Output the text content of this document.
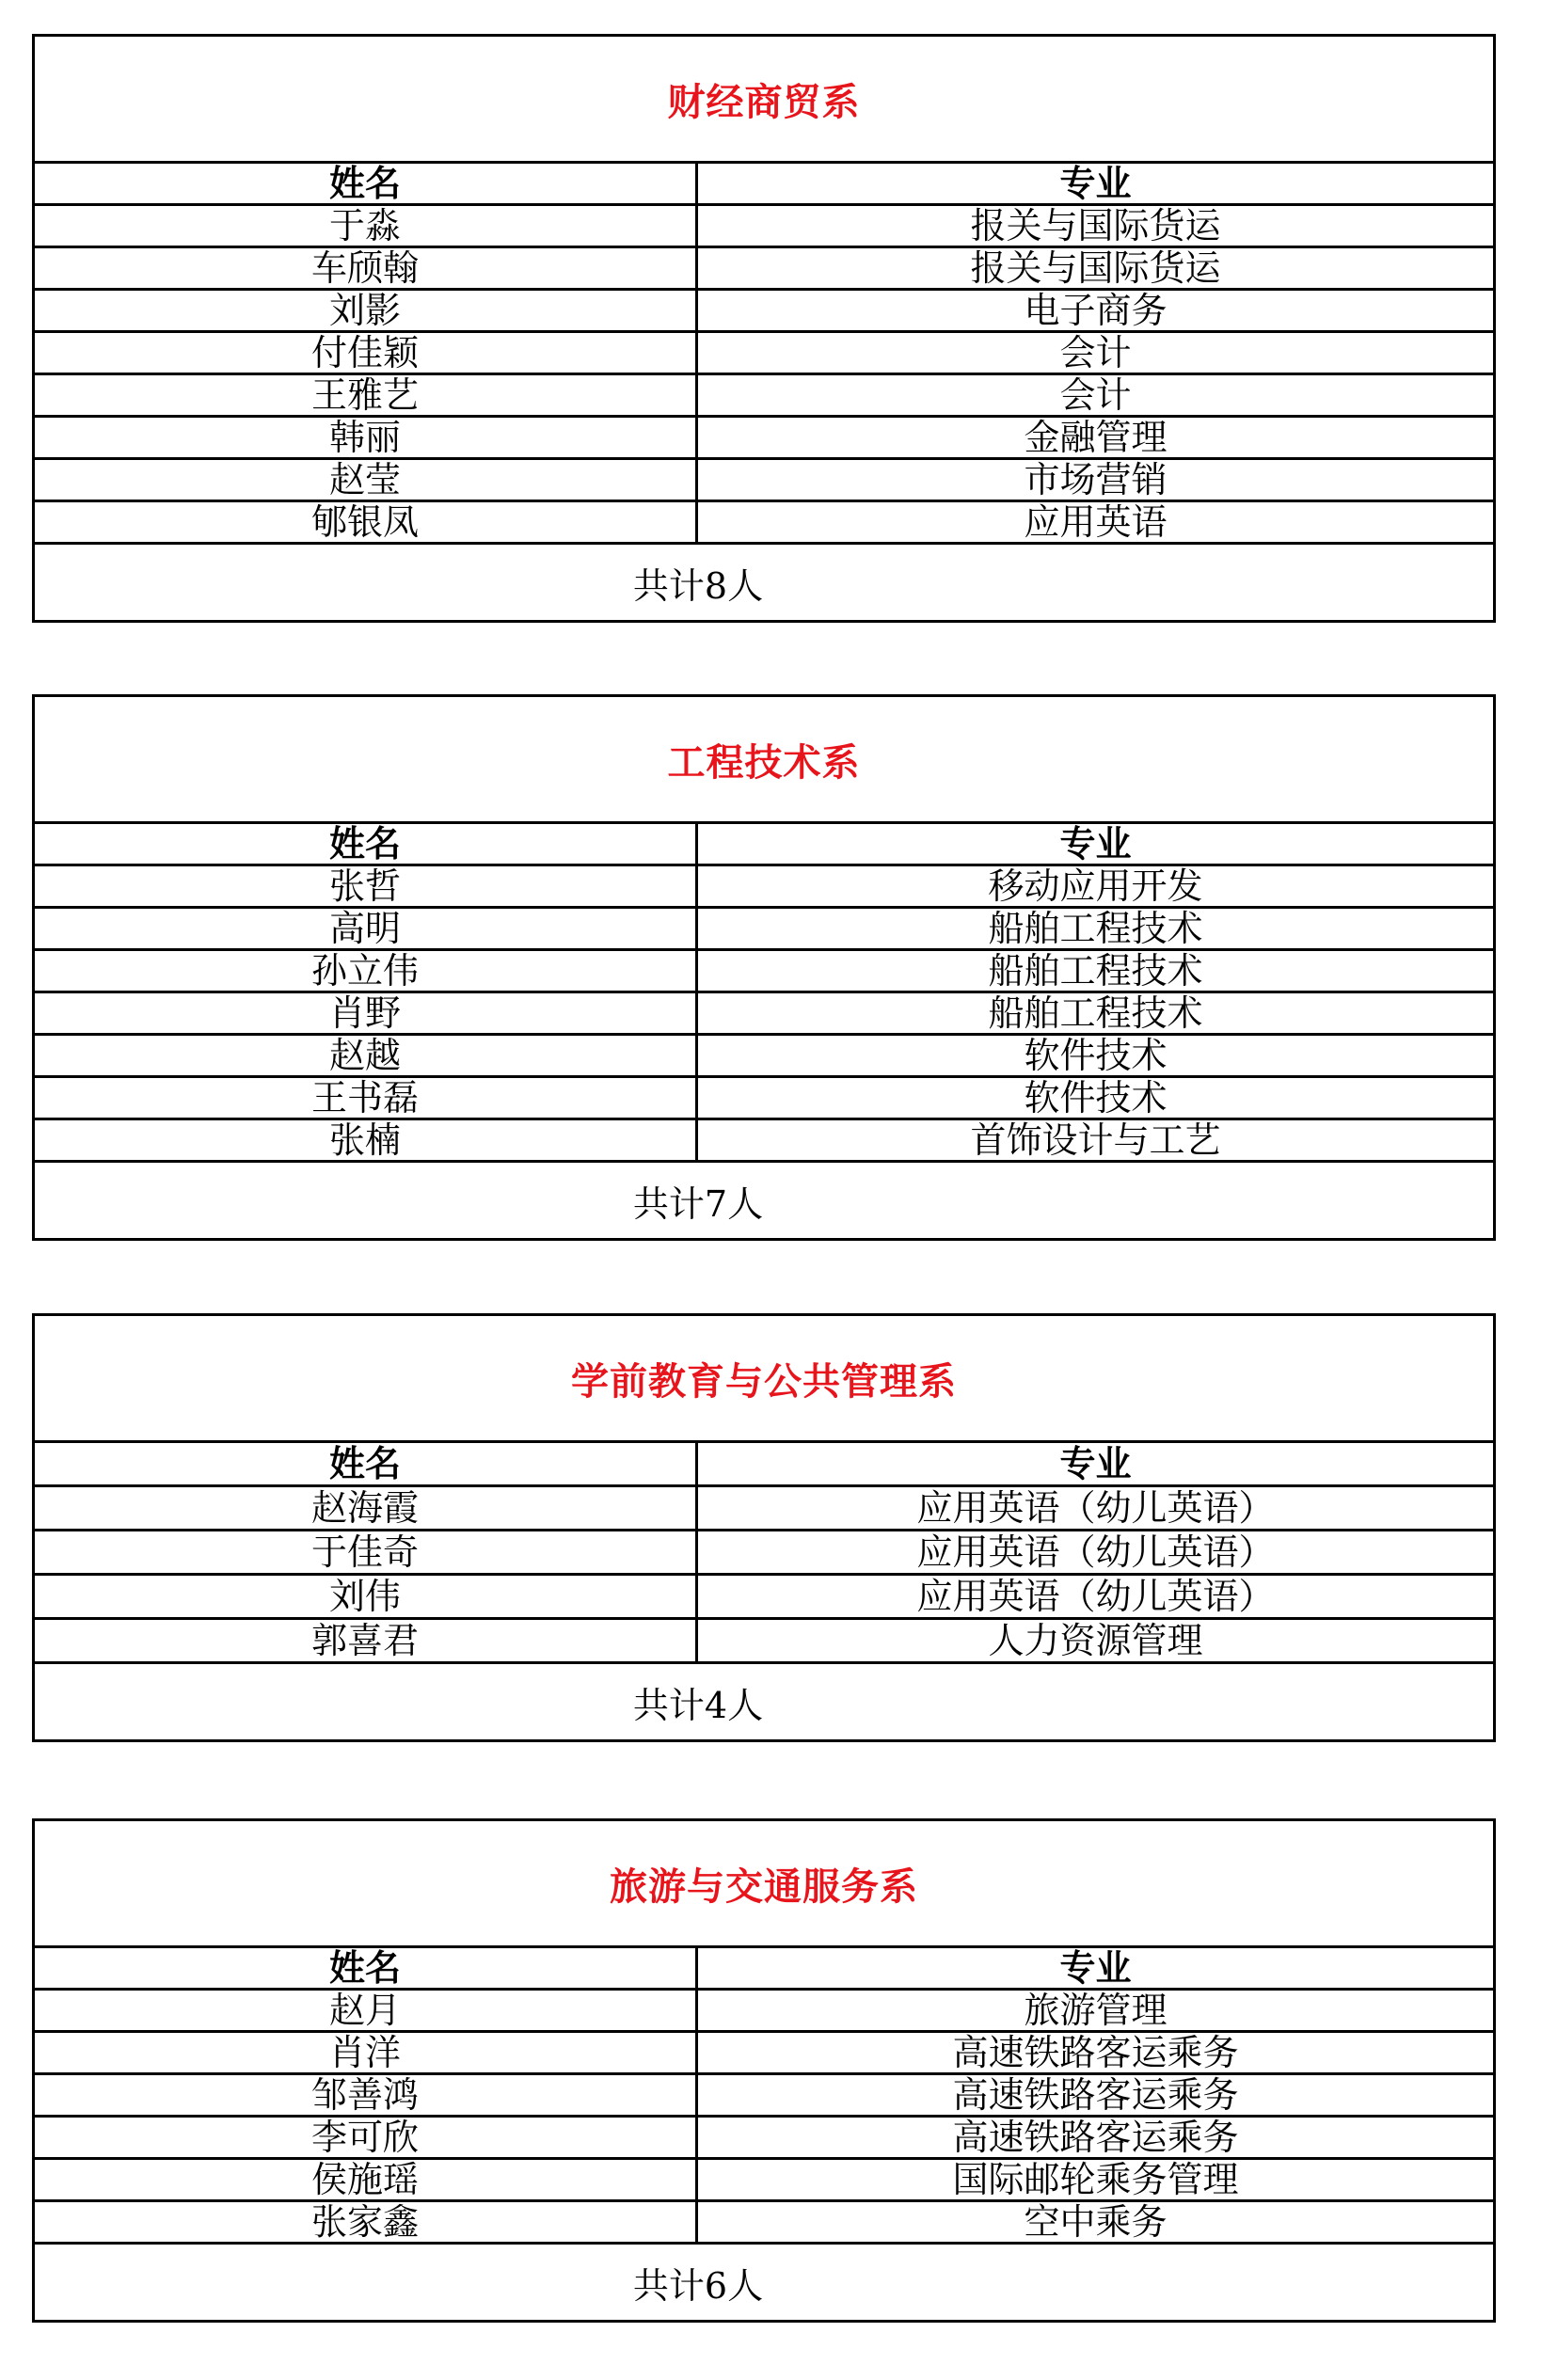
财经商贸系
姓名	专业
于淼	报关与国际货运
车颀翰	报关与国际货运
刘影	电子商务
付佳颖	会计
王雅艺	会计
韩丽	金融管理
赵莹	市场营销
郇银凤	应用英语
共计8人
工程技术系
姓名	专业
张哲	移动应用开发
高明	船舶工程技术
孙立伟	船舶工程技术
肖野	船舶工程技术
赵越	软件技术
王书磊	软件技术
张楠	首饰设计与工艺
共计7人
学前教育与公共管理系
姓名	专业
赵海霞	应用英语（幼儿英语）
于佳奇	应用英语（幼儿英语）
刘伟	应用英语（幼儿英语）
郭喜君	人力资源管理
共计4人
旅游与交通服务系
姓名	专业
赵月	旅游管理
肖洋	高速铁路客运乘务
邹善鸿	高速铁路客运乘务
李可欣	高速铁路客运乘务
侯施瑶	国际邮轮乘务管理
张家鑫	空中乘务
共计6人
